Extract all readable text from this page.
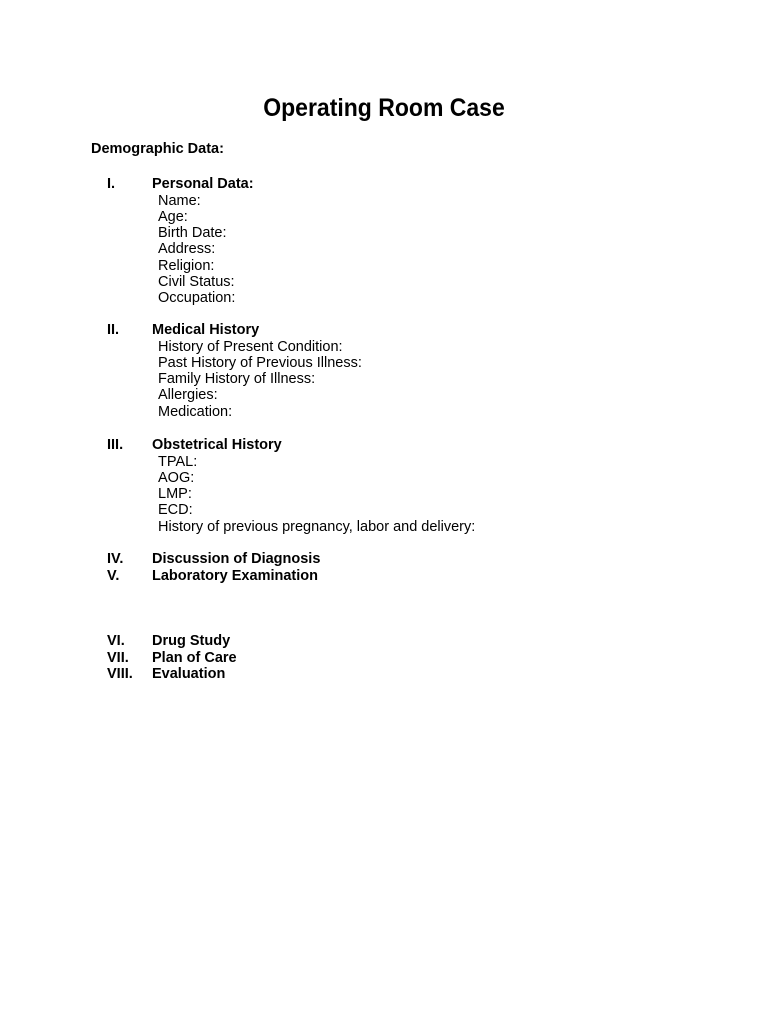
Operating Room Case
Demographic Data:
I.	Personal Data:
Name:
Age:
Birth Date:
Address:
Religion:
Civil Status:
Occupation:
II. Medical History
History of Present Condition:
Past History of Previous Illness:
Family History of Illness:
Allergies:
Medication:
III. Obstetrical History
TPAL:
AOG:
LMP:
ECD:
History of previous pregnancy, labor and delivery:
IV. Discussion of Diagnosis
V. Laboratory Examination
VI. Drug Study
VII. Plan of Care
VIII. Evaluation
